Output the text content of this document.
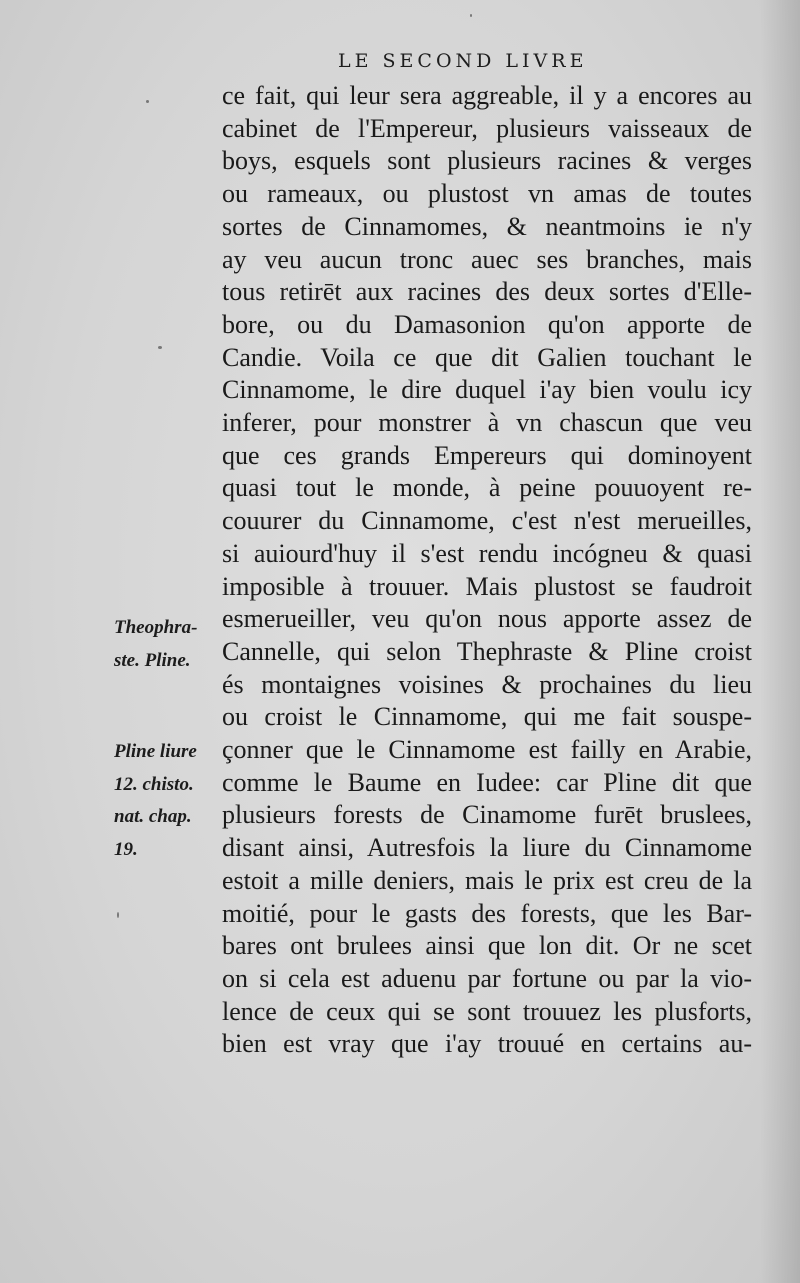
LE SECOND LIVRE
ce fait, qui leur sera aggreable, il y a encores au
cabinet de l'Empereur, plusieurs vaisseaux de
boys, esquels sont plusieurs racines & verges
ou rameaux, ou plustost vn amas de toutes
sortes de Cinnamomes, & neantmoins ie n'y
ay veu aucun tronc auec ses branches, mais
tous retirēt aux racines des deux sortes d'Elle-
bore, ou du Damasonion qu'on apporte de
Candie. Voila ce que dit Galien touchant le
Cinnamome, le dire duquel i'ay bien voulu icy
inferer, pour monstrer à vn chascun que veu
que ces grands Empereurs qui dominoyent
quasi tout le monde, à peine pouuoyent re-
couurer du Cinnamome, c'est n'est merueilles,
si auiourd'huy il s'est rendu incógneu & quasi
imposible à trouuer. Mais plustost se faudroit
esmerueiller, veu qu'on nous apporte assez de
Cannelle, qui selon Thephraste & Pline croist
és montaignes voisines & prochaines du lieu
ou croist le Cinnamome, qui me fait souspe-
çonner que le Cinnamome est failly en Arabie,
comme le Baume en Iudee: car Pline dit que
plusieurs forests de Cinamome furēt bruslees,
disant ainsi, Autresfois la liure du Cinnamome
estoit a mille deniers, mais le prix est creu de la
moitié, pour le gasts des forests, que les Bar-
bares ont brulees ainsi que lon dit. Or ne scet
on si cela est aduenu par fortune ou par la vio-
lence de ceux qui se sont trouuez les plusforts,
bien est vray que i'ay trouué en certains au-
Theophra-
ste. Pline.
Pline liure
12. chisto.
nat. chap.
19.
